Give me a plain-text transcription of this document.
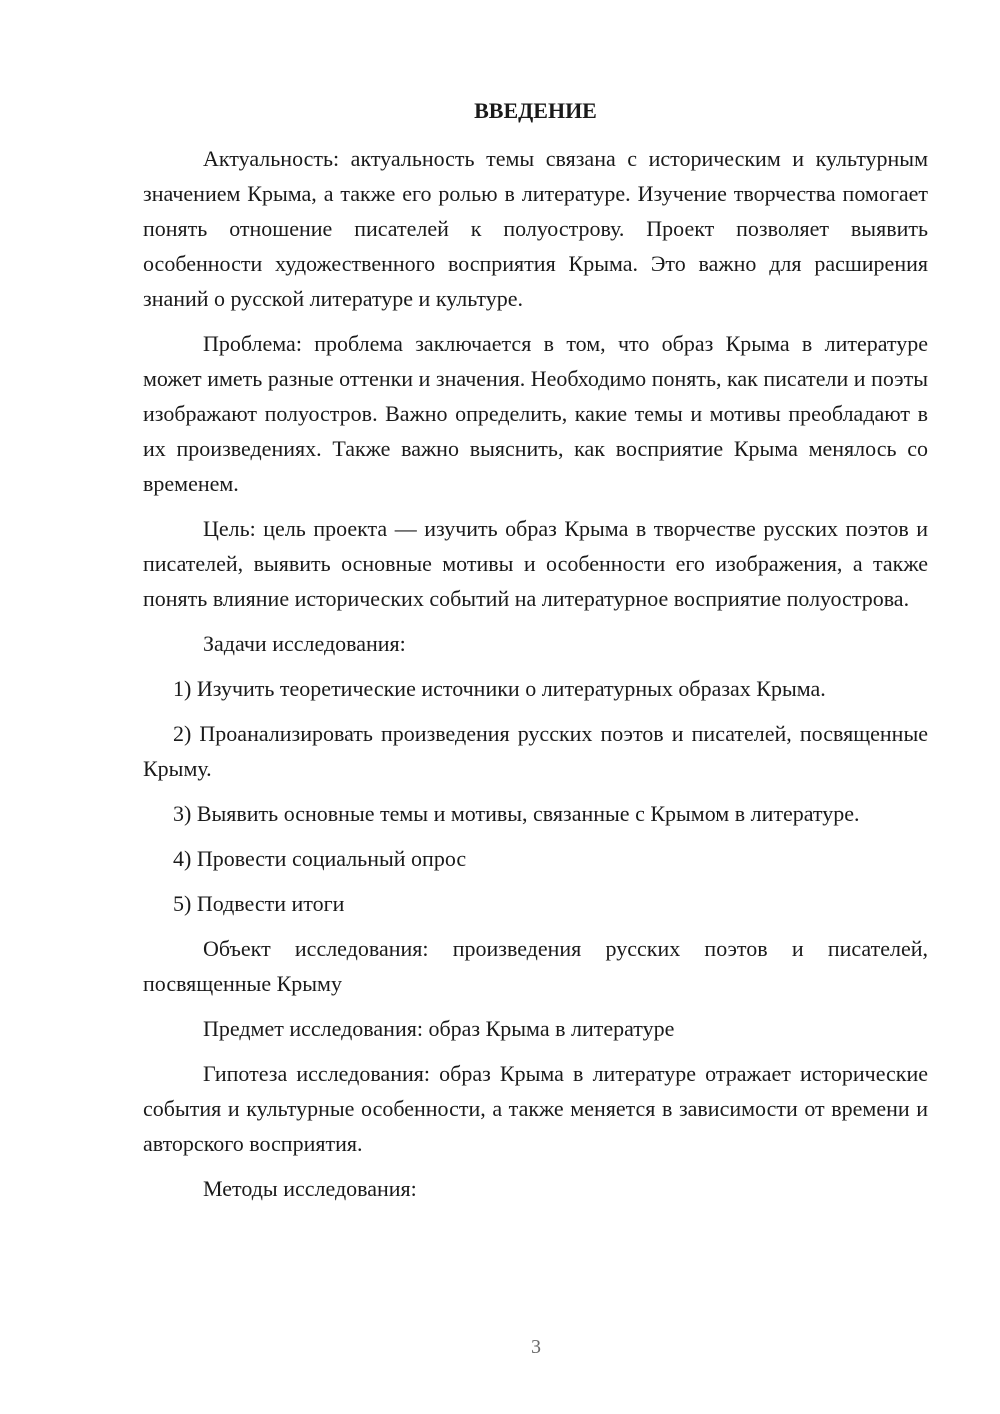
ВВЕДЕНИЕ

Актуальность: актуальность темы связана с историческим и культурным значением Крыма, а также его ролью в литературе. Изучение творчества помогает понять отношение писателей к полуострову. Проект позволяет выявить особенности художественного восприятия Крыма. Это важно для расширения знаний о русской литературе и культуре.

Проблема: проблема заключается в том, что образ Крыма в литературе может иметь разные оттенки и значения. Необходимо понять, как писатели и поэты изображают полуостров. Важно определить, какие темы и мотивы преобладают в их произведениях. Также важно выяснить, как восприятие Крыма менялось со временем.

Цель: цель проекта — изучить образ Крыма в творчестве русских поэтов и писателей, выявить основные мотивы и особенности его изображения, а также понять влияние исторических событий на литературное восприятие полуострова.

Задачи исследования:

1) Изучить теоретические источники о литературных образах Крыма.

2) Проанализировать произведения русских поэтов и писателей, посвященные Крыму.

3) Выявить основные темы и мотивы, связанные с Крымом в литературе.

4) Провести социальный опрос

5) Подвести итоги

Объект исследования: произведения русских поэтов и писателей, посвященные Крыму

Предмет исследования: образ Крыма в литературе

Гипотеза исследования: образ Крыма в литературе отражает исторические события и культурные особенности, а также меняется в зависимости от времени и авторского восприятия.

Методы исследования:

3
